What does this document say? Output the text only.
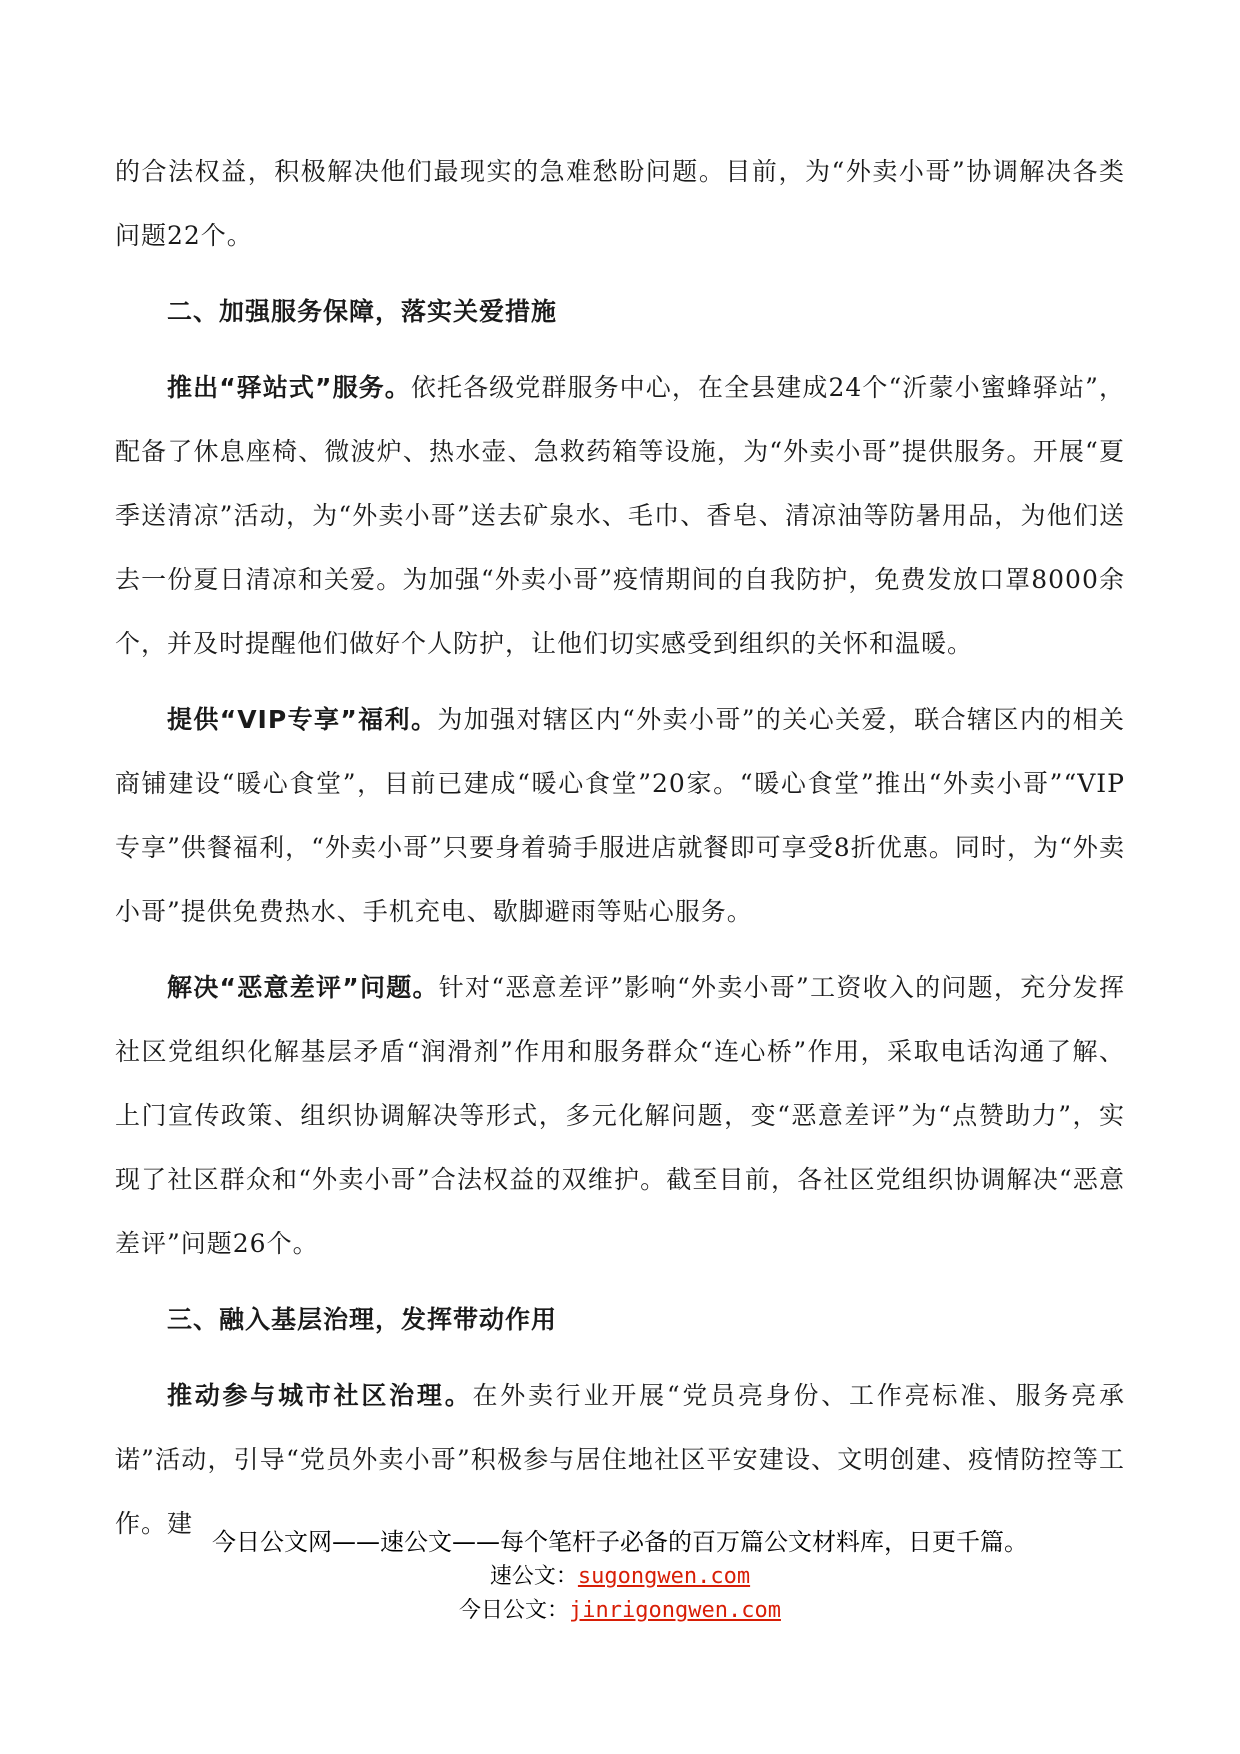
的合法权益，积极解决他们最现实的急难愁盼问题。目前，为“外卖小哥”协调解决各类问题22个。

二、加强服务保障，落实关爱措施

推出“驿站式”服务。依托各级党群服务中心，在全县建成24个“沂蒙小蜜蜂驿站”，配备了休息座椅、微波炉、热水壶、急救药箱等设施，为“外卖小哥”提供服务。开展“夏季送清凉”活动，为“外卖小哥”送去矿泉水、毛巾、香皂、清凉油等防暑用品，为他们送去一份夏日清凉和关爱。为加强“外卖小哥”疫情期间的自我防护，免费发放口罩8000余个，并及时提醒他们做好个人防护，让他们切实感受到组织的关怀和温暖。

提供“VIP专享”福利。为加强对辖区内“外卖小哥”的关心关爱，联合辖区内的相关商铺建设“暖心食堂”，目前已建成“暖心食堂”20家。“暖心食堂”推出“外卖小哥”“VIP专享”供餐福利，“外卖小哥”只要身着骑手服进店就餐即可享受8折优惠。同时，为“外卖小哥”提供免费热水、手机充电、歇脚避雨等贴心服务。

解决“恶意差评”问题。针对“恶意差评”影响“外卖小哥”工资收入的问题，充分发挥社区党组织化解基层矛盾“润滑剂”作用和服务群众“连心桥”作用，采取电话沟通了解、上门宣传政策、组织协调解决等形式，多元化解问题，变“恶意差评”为“点赞助力”，实现了社区群众和“外卖小哥”合法权益的双维护。截至目前，各社区党组织协调解决“恶意差评”问题26个。

三、融入基层治理，发挥带动作用

推动参与城市社区治理。在外卖行业开展“党员亮身份、工作亮标准、服务亮承诺”活动，引导“党员外卖小哥”积极参与居住地社区平安建设、文明创建、疫情防控等工作。建

今日公文网——速公文——每个笔杆子必备的百万篇公文材料库，日更千篇。
速公文：sugongwen.com
今日公文：jinrigongwen.com
